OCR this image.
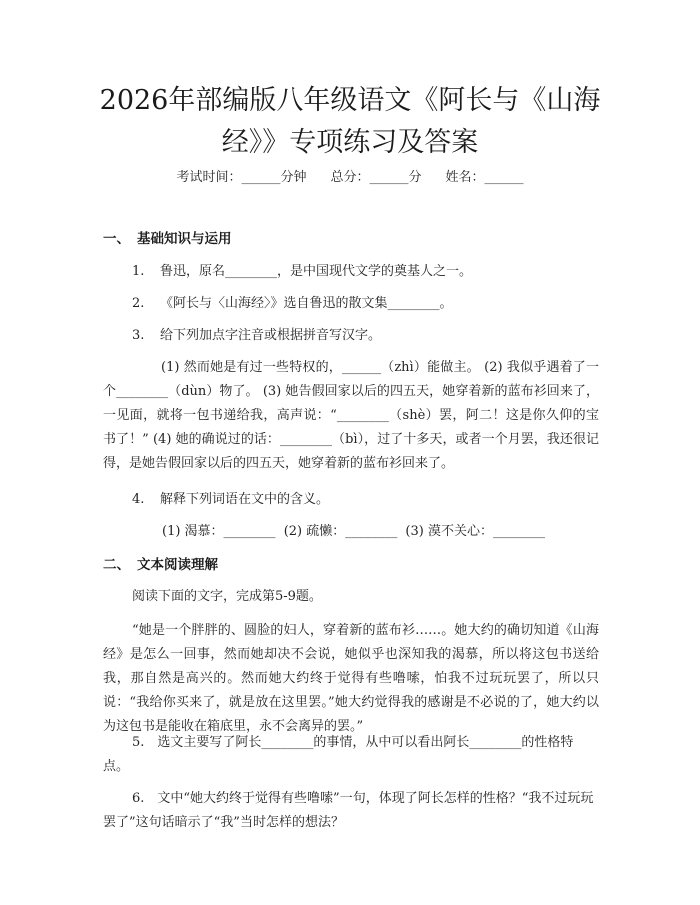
2026年部编版八年级语文《阿长与《山海
经》》专项练习及答案
考试时间：______分钟 总分：______分 姓名：______
一、 基础知识与运用
1. 鲁迅，原名________，是中国现代文学的奠基人之一。
2. 《阿长与〈山海经〉》选自鲁迅的散文集________。
3. 给下列加点字注音或根据拼音写汉字。
(1) 然而她是有过一些特权的，______（zhì）能做主。 (2) 我似乎遇着了一个________（dùn）物了。 (3) 她告假回家以后的四五天，她穿着新的蓝布衫回来了，一见面，就将一包书递给我，高声说：“________（shè）罢，阿二！这是你久仰的宝书了！” (4) 她的确说过的话：________（bì），过了十多天，或者一个月罢，我还很记得，是她告假回家以后的四五天，她穿着新的蓝布衫回来了。
4. 解释下列词语在文中的含义。
(1) 渴慕：________ (2) 疏懒：________ (3) 漠不关心：________
二、 文本阅读理解
阅读下面的文字，完成第5-9题。
“她是一个胖胖的、圆脸的妇人，穿着新的蓝布衫……。她大约的确切知道《山海经》是怎么一回事，然而她却决不会说，她似乎也深知我的渴慕，所以将这包书送给我，那自然是高兴的。然而她大约终于觉得有些噜嗦，怕我不过玩玩罢了，所以只说：“我给你买来了，就是放在这里罢。”她大约觉得我的感谢是不必说的了，她大约以为这包书是能收在箱底里，永不会离异的罢。”
5.　选文主要写了阿长________的事情，从中可以看出阿长________的性格特点。
6.　文中“她大约终于觉得有些噜嗦”一句，体现了阿长怎样的性格？“我不过玩玩罢了”这句话暗示了“我”当时怎样的想法？
